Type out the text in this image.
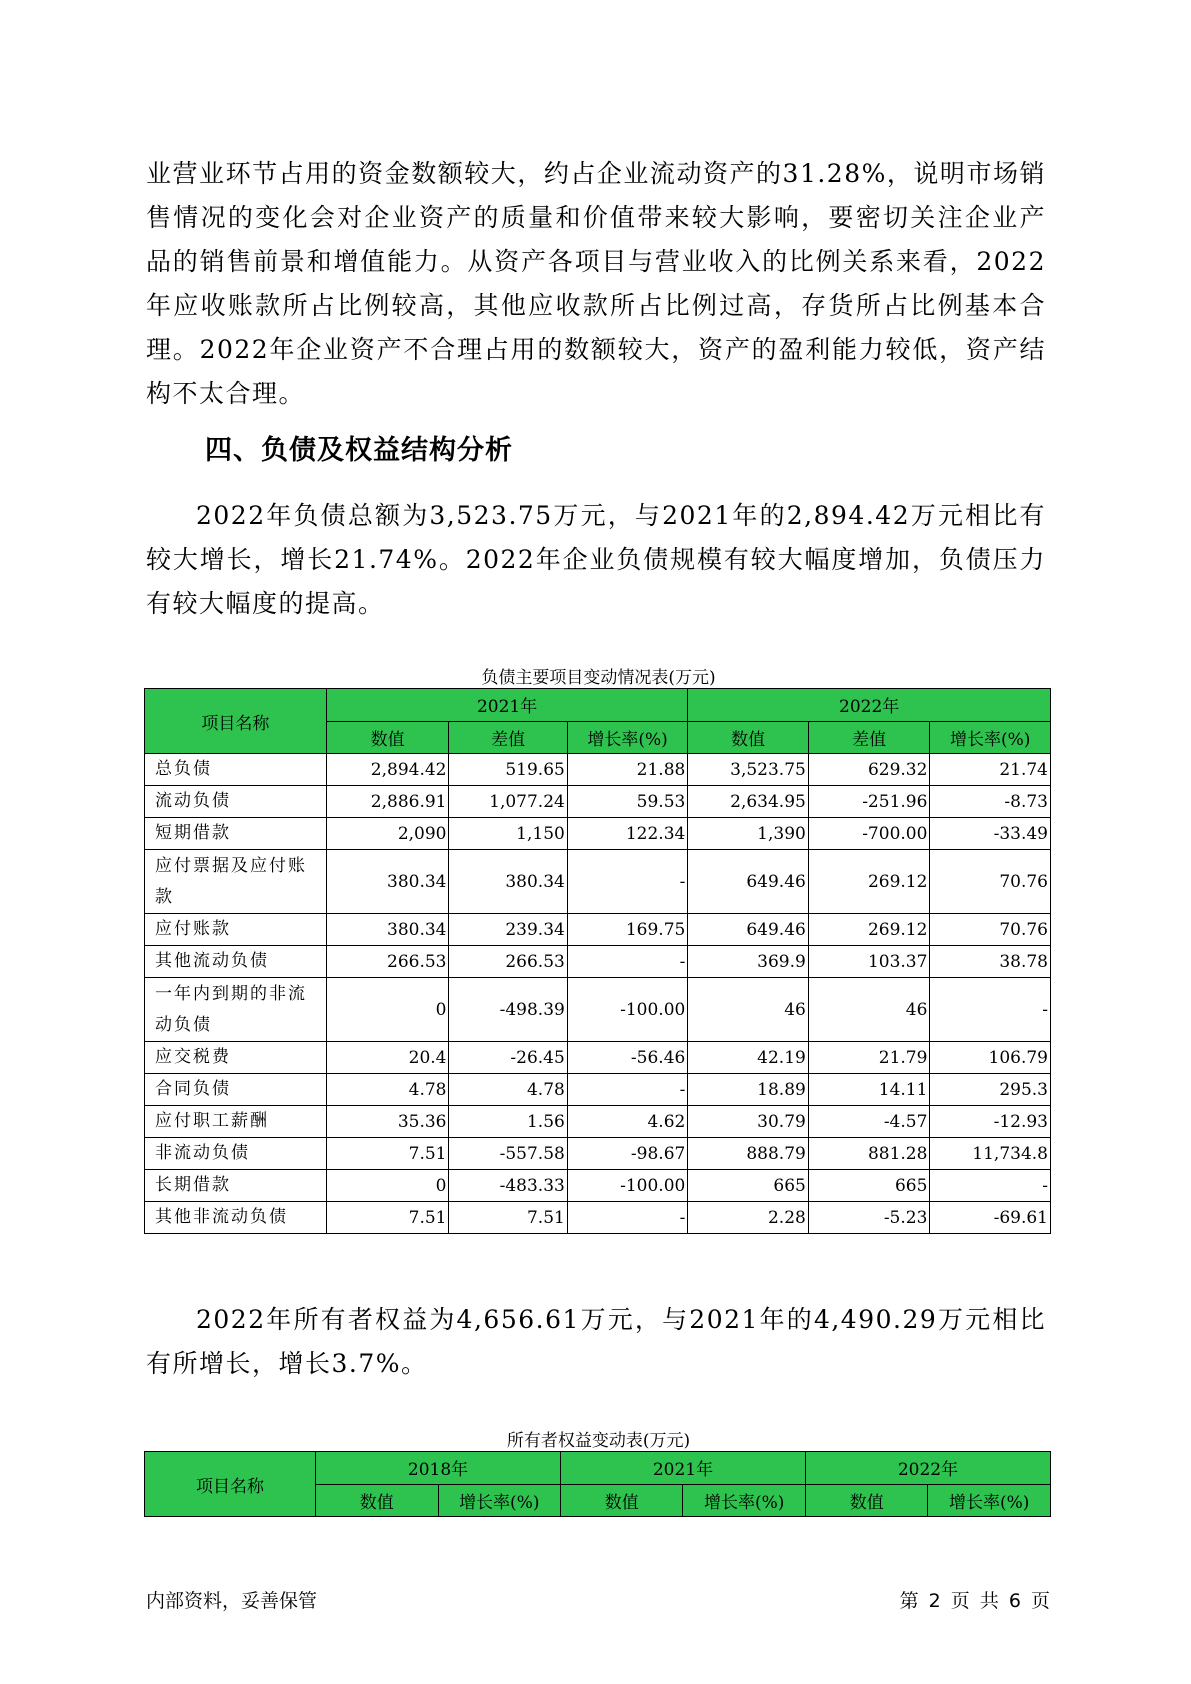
业营业环节占用的资金数额较大，约占企业流动资产的31.28%，说明市场销售情况的变化会对企业资产的质量和价值带来较大影响，要密切关注企业产品的销售前景和增值能力。从资产各项目与营业收入的比例关系来看，2022年应收账款所占比例较高，其他应收款所占比例过高，存货所占比例基本合理。2022年企业资产不合理占用的数额较大，资产的盈利能力较低，资产结构不太合理。

四、负债及权益结构分析

2022年负债总额为3,523.75万元，与2021年的2,894.42万元相比有较大增长，增长21.74%。2022年企业负债规模有较大幅度增加，负债压力有较大幅度的提高。

负债主要项目变动情况表(万元)

项目名称	2021年			2022年		
	数值	差值	增长率(%)	数值	差值	增长率(%)
总负债	2,894.42	519.65	21.88	3,523.75	629.32	21.74
流动负债	2,886.91	1,077.24	59.53	2,634.95	-251.96	-8.73
短期借款	2,090	1,150	122.34	1,390	-700.00	-33.49
应付票据及应付账款	380.34	380.34	-	649.46	269.12	70.76
应付账款	380.34	239.34	169.75	649.46	269.12	70.76
其他流动负债	266.53	266.53	-	369.9	103.37	38.78
一年内到期的非流动负债	0	-498.39	-100.00	46	46	-
应交税费	20.4	-26.45	-56.46	42.19	21.79	106.79
合同负债	4.78	4.78	-	18.89	14.11	295.3
应付职工薪酬	35.36	1.56	4.62	30.79	-4.57	-12.93
非流动负债	7.51	-557.58	-98.67	888.79	881.28	11,734.8
长期借款	0	-483.33	-100.00	665	665	-
其他非流动负债	7.51	7.51	-	2.28	-5.23	-69.61

2022年所有者权益为4,656.61万元，与2021年的4,490.29万元相比有所增长，增长3.7%。

所有者权益变动表(万元)

项目名称	2018年		2021年		2022年	
	数值	增长率(%)	数值	增长率(%)	数值	增长率(%)

内部资料，妥善保管	第 2 页 共 6 页
